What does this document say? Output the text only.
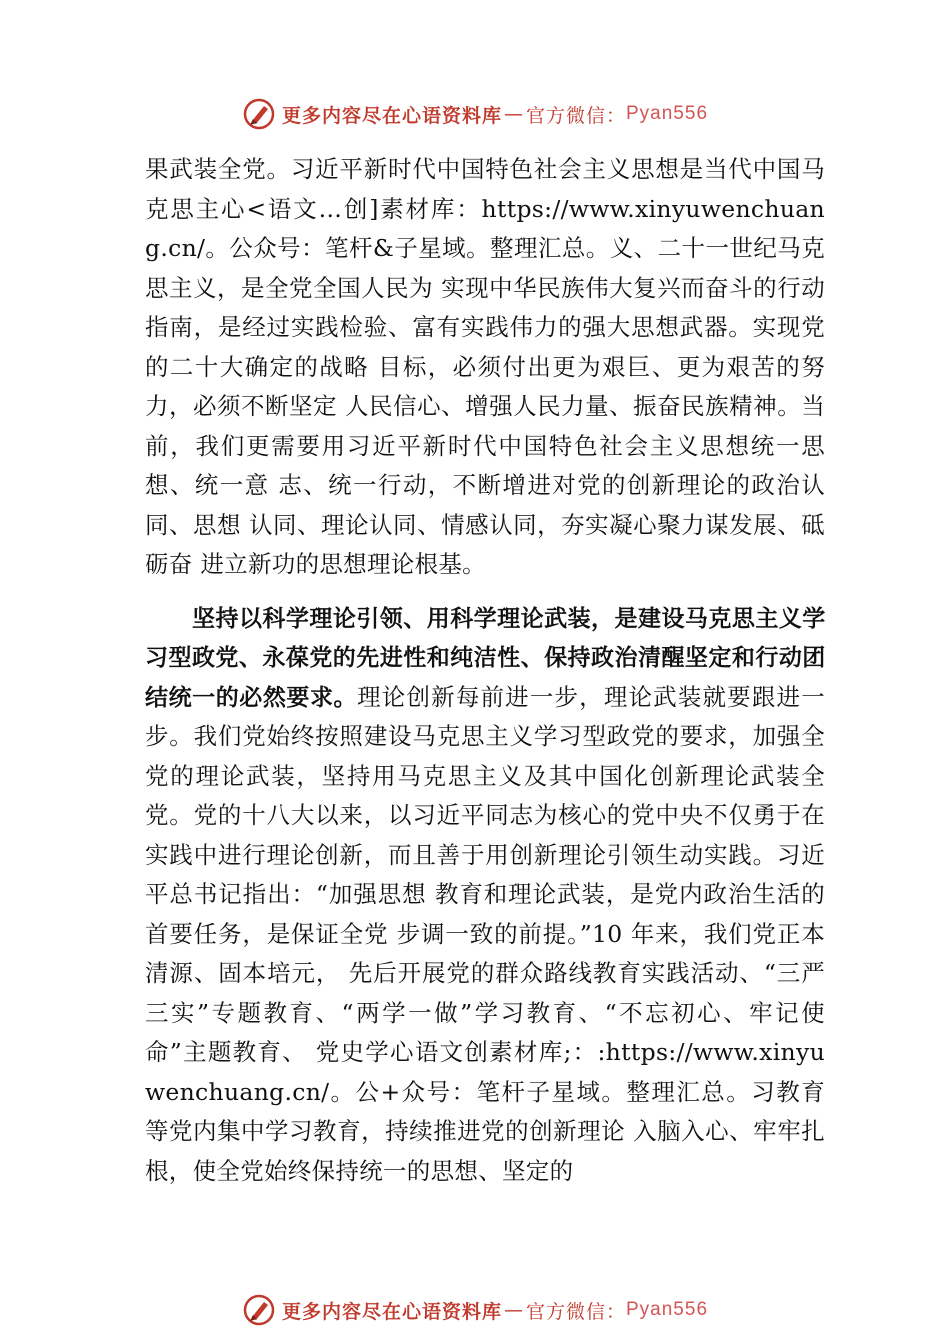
更多内容尽在心语资料库 — 官方微信： Pyan556

果武装全党。习近平新时代中国特色社会主义思想是当代中国马克思主心<语文…创]素材库：https://www.xinyuwenchuang.cn/。公众号：笔杆&子星域。整理汇总。义、二十一世纪马克思主义，是全党全国人民为 实现中华民族伟大复兴而奋斗的行动指南，是经过实践检验、富有实践伟力的强大思想武器。实现党的二十大确定的战略 目标，必须付出更为艰巨、更为艰苦的努力，必须不断坚定 人民信心、增强人民力量、振奋民族精神。当前，我们更需要用习近平新时代中国特色社会主义思想统一思想、统一意 志、统一行动，不断增进对党的创新理论的政治认同、思想 认同、理论认同、情感认同，夯实凝心聚力谋发展、砥砺奋 进立新功的思想理论根基。

坚持以科学理论引领、用科学理论武装，是建设马克思主义学习型政党、永葆党的先进性和纯洁性、保持政治清醒坚定和行动团结统一的必然要求。理论创新每前进一步，理论武装就要跟进一步。我们党始终按照建设马克思主义学习型政党的要求，加强全党的理论武装，坚持用马克思主义及其中国化创新理论武装全党。党的十八大以来，以习近平同志为核心的党中央不仅勇于在实践中进行理论创新，而且善于用创新理论引领生动实践。习近平总书记指出：“加强思想 教育和理论武装，是党内政治生活的首要任务，是保证全党 步调一致的前提。”10 年来，我们党正本清源、固本培元， 先后开展党的群众路线教育实践活动、“三严三实”专题教育、“两学一做”学习教育、“不忘初心、牢记使命”主题教育、 党史学心语文创素材库;：:https://www.xinyuwenchuang.cn/。公+众号：笔杆子星域。整理汇总。习教育等党内集中学习教育，持续推进党的创新理论 入脑入心、牢牢扎根，使全党始终保持统一的思想、坚定的

更多内容尽在心语资料库 — 官方微信： Pyan556
